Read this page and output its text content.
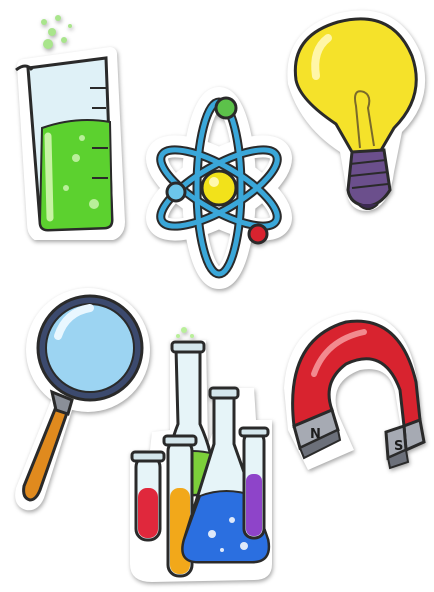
N
S
